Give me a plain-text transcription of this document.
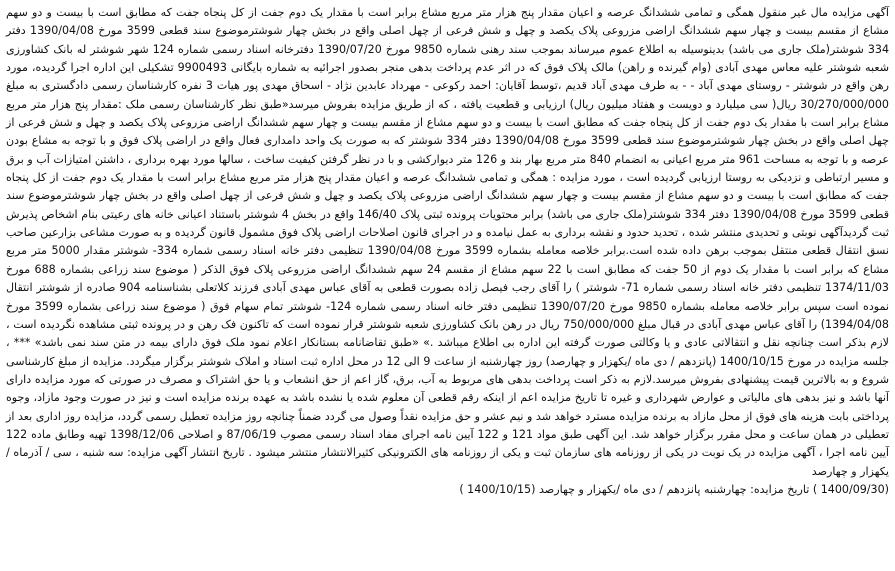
آگهی مزایده مال غیر منقول همگی و تمامی ششدانگ عرصه و اعیان مقدار پنج هزار متر مربع مشاع برابر است با مقدار یک دوم جفت از کل پنجاه جفت که مطابق است با بیست و دو سهم مشاع از مقسم بیست و چهار سهم ششدانگ اراضی مزروعی پلاک یکصد و چهل و شش فرعی از چهل اصلی واقع در بخش چهار شوشترموضوع سند قطعی 3599 مورخ 1390/04/08 دفتر 334 شوشتر(ملک جاری می باشد) بدینوسیله به اطلاع عموم میرساند بموجب سند رهنی شماره 9850 مورخ 1390/07/20 دفترخانه اسناد رسمی شماره 124 شهر شوشتر له بانک کشاورزی شعبه شوشتر علیه معاس مهدی آبادی (وام گیرنده و راهن) مالک پلاک فوق که در اثر عدم پرداخت بدهی منجر بصدور اجرائیه به شماره بایگانی 9900493 تشکیلی این اداره اجرا گردیده، مورد رهن واقع در شوشتر - روستای مهدی آباد - - به طرف مهدی آباد قدیم ،توسط آقایان: احمد رکوعی - مهرداد عابدین نژاد - اسحاق مهدی پور هیات 3 نفره کارشناسان رسمی دادگستری به مبلغ 30/270/000/000 ریال( سی میلیارد و دویست و هفتاد میلیون ریال) ارزیابی و قطعیت یافته ، که از طریق مزایده بفروش میرسد«طبق نظر کارشناسان رسمی ملک :مقدار پنج هزار متر مربع مشاع برابر است با مقدار یک دوم جفت از کل پنجاه جفت که مطابق است با بیست و دو سهم مشاع از مقسم بیست و چهار سهم ششدانگ اراضی مزروعی پلاک یکصد و چهل و شش فرعی از چهل اصلی واقع در بخش چهار شوشترموضوع سند قطعی 3599 مورخ 1390/04/08 دفتر 334 شوشتر که به صورت یک واحد دامداری فعال واقع در اراضی پلاک فوق و با توجه به مشاع بودن عرصه و با توجه به مساحت 961 متر مربع اعیانی به انضمام 840 متر مربع بهار بند و 126 متر دیوارکشی و با در نظر گرفتن کیفیت ساخت ، سالها مورد بهره برداری ، داشتن امتیازات آب و برق و مسیر ارتباطی و نزدیکی به روستا ارزیابی گردیده است ، مورد مزایده : همگی و تمامی ششدانگ عرصه و اعیان مقدار پنج هزار متر مربع مشاع برابر است با مقدار یک دوم جفت از کل پنجاه جفت که مطابق است با بیست و دو سهم مشاع از مقسم بیست و چهار سهم ششدانگ اراضی مزروعی پلاک یکصد و چهل و شش فرعی از چهل اصلی واقع در بخش چهار شوشترموضوع سند قطعی 3599 مورخ 1390/04/08 دفتر 334 شوشتر(ملک جاری می باشد) برابر محتویات پرونده ثبتی پلاک 146/40 واقع در بخش 4 شوشتر باستناد اعیانی خانه های رعیتی بنام اشخاص پذیرش ثبت گردیدآگهی نوبتی و تحدیدی منتشر شده ، تحدید حدود و نقشه برداری به عمل نیامده و در اجرای قانون اصلاحات اراضی پلاک فوق مشمول قانون گردیده و به صورت مشاعی بزارعین صاحب نسق انتقال قطعی منتقل بموجب برهن داده شده است.برابر خلاصه معامله بشماره 3599 مورخ 1390/04/08 تنظیمی دفتر خانه اسناد رسمی شماره 334- شوشتر مقدار 5000 متر مربع مشاع که برابر است با مقدار یک دوم از 50 جفت که مطابق است با 22 سهم مشاع از مقسم 24 سهم ششدانگ اراضی مزروعی پلاک فوق الذکر ( موضوع سند زراعی بشماره 688 مورخ 1374/11/03 تنظیمی دفتر خانه اسناد رسمی شماره 71- شوشتر ) را آقای رجب فیصل زاده بصورت قطعی به آقای عباس مهدی آبادی فرزند کلاتعلی بشناسنامه 904 صادره از شوشتر انتقال نموده است سپس برابر خلاصه معامله بشماره 9850 مورخ 1390/07/20 تنظیمی دفتر خانه اسناد رسمی شماره 124- شوشتر تمام سهام فوق ( موضوع سند زراعی بشماره 3599 مورخ 1394/04/08) را آقای عباس مهدی آبادی در قبال مبلغ 750/000/000 ریال در رهن بانک کشاورزی شعبه شوشتر قرار نموده است که تاکنون فک رهن و در پرونده ثبتی مشاهده نگردیده است ، لازم بذکر است چنانچه نقل و انتقالاتی عادی و یا وکالتی صورت گرفته این اداره بی اطلاع میباشد .» «طبق تقاضانامه بستانکار اعلام نمود ملک فوق دارای بیمه در متن سند نمی باشد» *** ، جلسه مزایده در مورخ 1400/10/15 (پانزدهم / دی ماه /یکهزار و چهارصد) روز چهارشنبه از ساعت 9 الی 12 در محل اداره ثبت اسناد و املاک شوشتر برگزار میگردد. مزایده از مبلغ کارشناسی شروع و به بالاترین قیمت پیشنهادی بفروش میرسد.لازم به ذکر است پرداخت بدهی های مربوط به آب، برق، گاز اعم از حق انشعاب و یا حق اشتراک و مصرف در صورتی که مورد مزایده دارای آنها باشد و نیز بدهی های مالیاتی و عوارض شهرداری و غیره تا تاریخ مزایده اعم از اینکه رقم قطعی آن معلوم شده یا نشده باشد به عهده برنده مزایده است و نیز در صورت وجود مازاد، وجوه پرداختی بابت هزینه های فوق از محل مازاد به برنده مزایده مسترد خواهد شد و نیم عشر و حق مزایده نقداً وصول می گردد ضمناً چنانچه روز مزایده تعطیل رسمی گردد، مزایده روز اداری بعد از تعطیلی در همان ساعت و محل مقرر برگزار خواهد شد. این آگهی طبق مواد 121 و 122 آیین نامه اجرای مفاد اسناد رسمی مصوب 87/06/19 و اصلاحی 1398/12/06 تهیه وطابق ماده 122 آیین نامه اجرا ، آگهی مزایده در یک نوبت در یکی از روزنامه های سازمان ثبت و یکی از روزنامه های الکترونیکی کثیرالانتشار منتشر میشود . تاریخ انتشار آگهی مزایده: سه شنبه ، سی / آذرماه / یکهزار و چهارصد

(1400/09/30 ) تاریخ مزایده: چهارشنبه پانزدهم / دی ماه /یکهزار و چهارصد (1400/10/15 )
